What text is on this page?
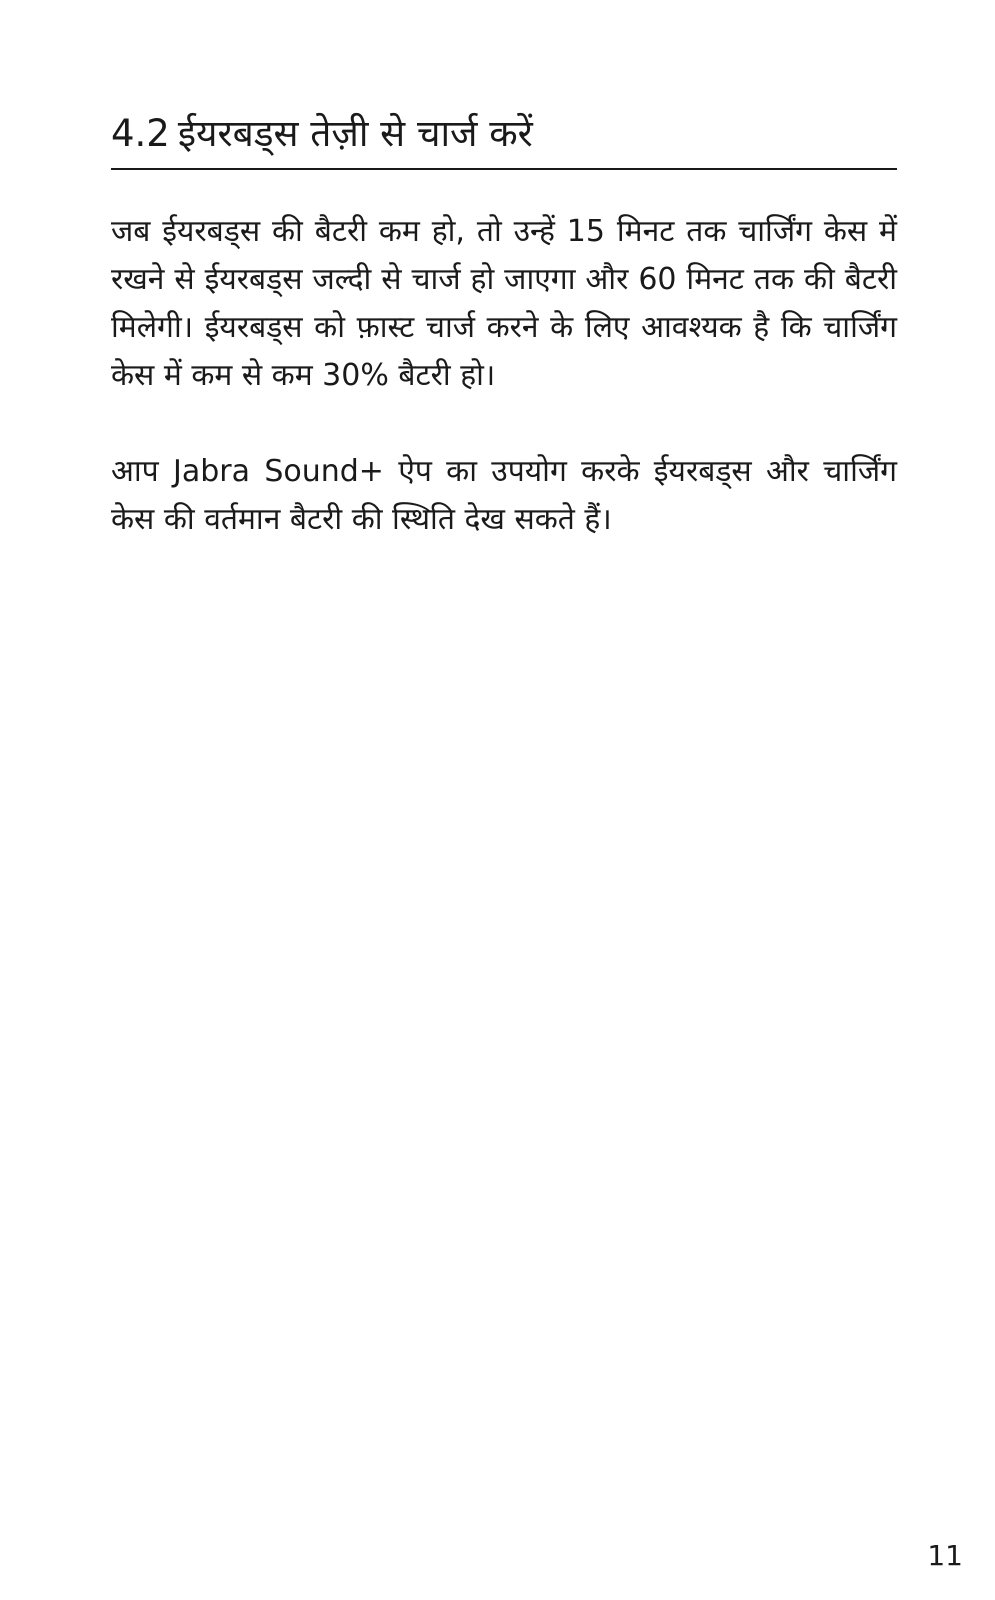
4.2 ईयरबड्स तेज़ी से चार्ज करें

जब ईयरबड्स की बैटरी कम हो, तो उन्हें 15 मिनट तक चार्जिंग केस में रखने से ईयरबड्स जल्दी से चार्ज हो जाएगा और 60 मिनट तक की बैटरी मिलेगी। ईयरबड्स को फ़ास्ट चार्ज करने के लिए आवश्यक है कि चार्जिंग केस में कम से कम 30% बैटरी हो।

आप Jabra Sound+ ऐप का उपयोग करके ईयरबड्स और चार्जिंग केस की वर्तमान बैटरी की स्थिति देख सकते हैं।

11
